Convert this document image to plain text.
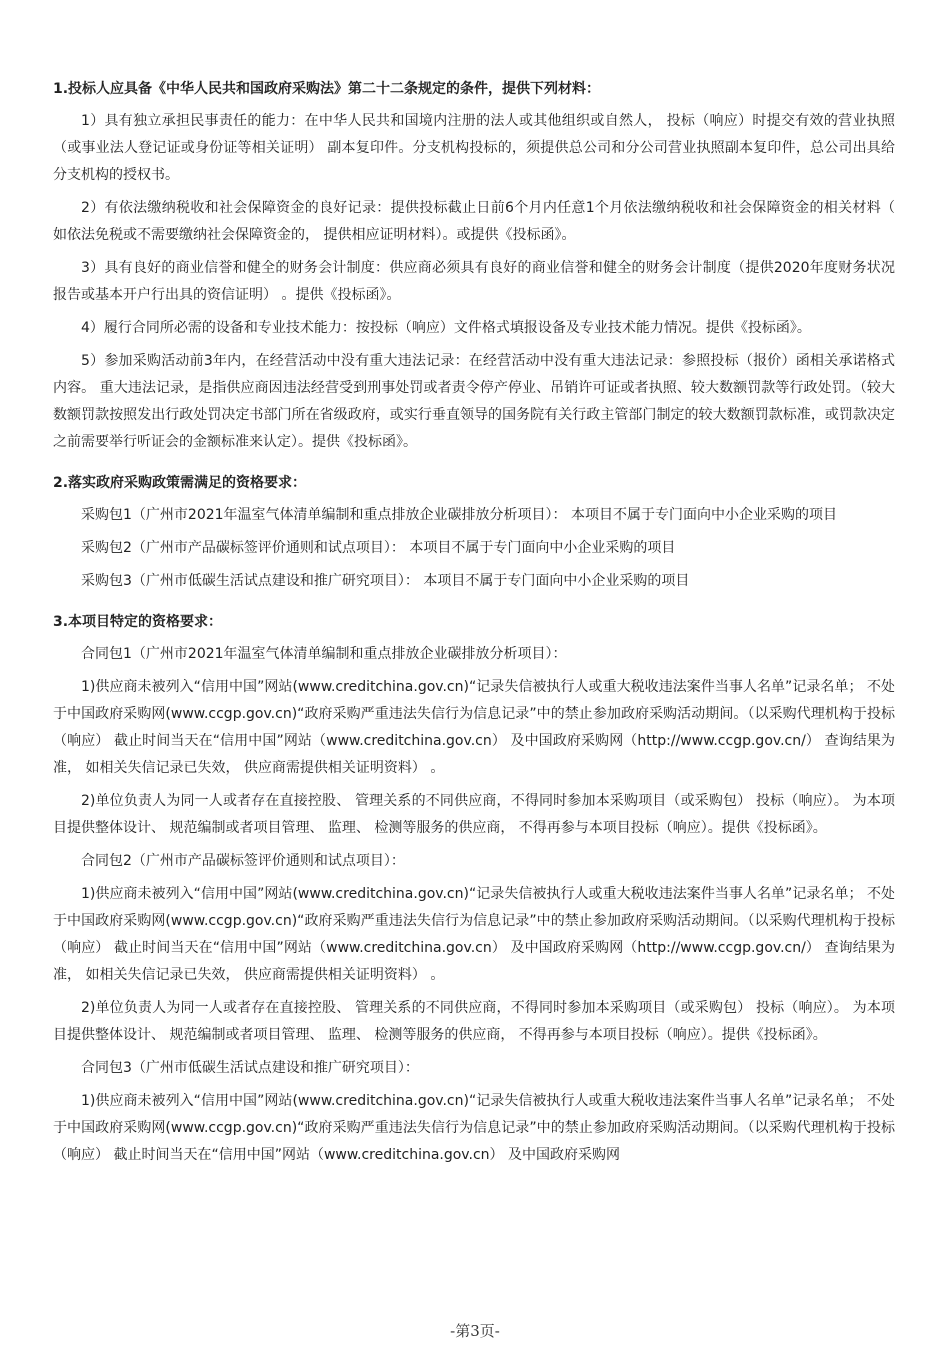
1.投标人应具备《中华人民共和国政府采购法》第二十二条规定的条件，提供下列材料：

1）具有独立承担民事责任的能力：在中华人民共和国境内注册的法人或其他组织或自然人， 投标（响应）时提交有效的营业执照（或事业法人登记证或身份证等相关证明） 副本复印件。分支机构投标的，须提供总公司和分公司营业执照副本复印件，总公司出具给分支机构的授权书。

2）有依法缴纳税收和社会保障资金的良好记录：提供投标截止日前6个月内任意1个月依法缴纳税收和社会保障资金的相关材料（ 如依法免税或不需要缴纳社会保障资金的， 提供相应证明材料）。或提供《投标函》。

3）具有良好的商业信誉和健全的财务会计制度：供应商必须具有良好的商业信誉和健全的财务会计制度（提供2020年度财务状况报告或基本开户行出具的资信证明） 。提供《投标函》。

4）履行合同所必需的设备和专业技术能力：按投标（响应）文件格式填报设备及专业技术能力情况。提供《投标函》。

5）参加采购活动前3年内，在经营活动中没有重大违法记录：在经营活动中没有重大违法记录：参照投标（报价）函相关承诺格式内容。 重大违法记录，是指供应商因违法经营受到刑事处罚或者责令停产停业、吊销许可证或者执照、较大数额罚款等行政处罚。（较大数额罚款按照发出行政处罚决定书部门所在省级政府，或实行垂直领导的国务院有关行政主管部门制定的较大数额罚款标准，或罚款决定之前需要举行听证会的金额标准来认定）。提供《投标函》。

2.落实政府采购政策需满足的资格要求：

采购包1（广州市2021年温室气体清单编制和重点排放企业碳排放分析项目）： 本项目不属于专门面向中小企业采购的项目

采购包2（广州市产品碳标签评价通则和试点项目）： 本项目不属于专门面向中小企业采购的项目

采购包3（广州市低碳生活试点建设和推广研究项目）： 本项目不属于专门面向中小企业采购的项目

3.本项目特定的资格要求：

合同包1（广州市2021年温室气体清单编制和重点排放企业碳排放分析项目）：

1)供应商未被列入“信用中国”网站(www.creditchina.gov.cn)“记录失信被执行人或重大税收违法案件当事人名单”记录名单； 不处于中国政府采购网(www.ccgp.gov.cn)“政府采购严重违法失信行为信息记录”中的禁止参加政府采购活动期间。（以采购代理机构于投标（响应） 截止时间当天在“信用中国”网站（www.creditchina.gov.cn） 及中国政府采购网（http://www.ccgp.gov.cn/） 查询结果为准， 如相关失信记录已失效， 供应商需提供相关证明资料） 。

2)单位负责人为同一人或者存在直接控股、 管理关系的不同供应商，不得同时参加本采购项目（或采购包） 投标（响应）。 为本项目提供整体设计、 规范编制或者项目管理、 监理、 检测等服务的供应商， 不得再参与本项目投标（响应）。提供《投标函》。

合同包2（广州市产品碳标签评价通则和试点项目）：

1)供应商未被列入“信用中国”网站(www.creditchina.gov.cn)“记录失信被执行人或重大税收违法案件当事人名单”记录名单； 不处于中国政府采购网(www.ccgp.gov.cn)“政府采购严重违法失信行为信息记录”中的禁止参加政府采购活动期间。（以采购代理机构于投标（响应） 截止时间当天在“信用中国”网站（www.creditchina.gov.cn） 及中国政府采购网（http://www.ccgp.gov.cn/） 查询结果为准， 如相关失信记录已失效， 供应商需提供相关证明资料） 。

2)单位负责人为同一人或者存在直接控股、 管理关系的不同供应商，不得同时参加本采购项目（或采购包） 投标（响应）。 为本项目提供整体设计、 规范编制或者项目管理、 监理、 检测等服务的供应商， 不得再参与本项目投标（响应）。提供《投标函》。

合同包3（广州市低碳生活试点建设和推广研究项目）：

1)供应商未被列入“信用中国”网站(www.creditchina.gov.cn)“记录失信被执行人或重大税收违法案件当事人名单”记录名单； 不处于中国政府采购网(www.ccgp.gov.cn)“政府采购严重违法失信行为信息记录”中的禁止参加政府采购活动期间。（以采购代理机构于投标（响应） 截止时间当天在“信用中国”网站（www.creditchina.gov.cn） 及中国政府采购网

-第3页-
